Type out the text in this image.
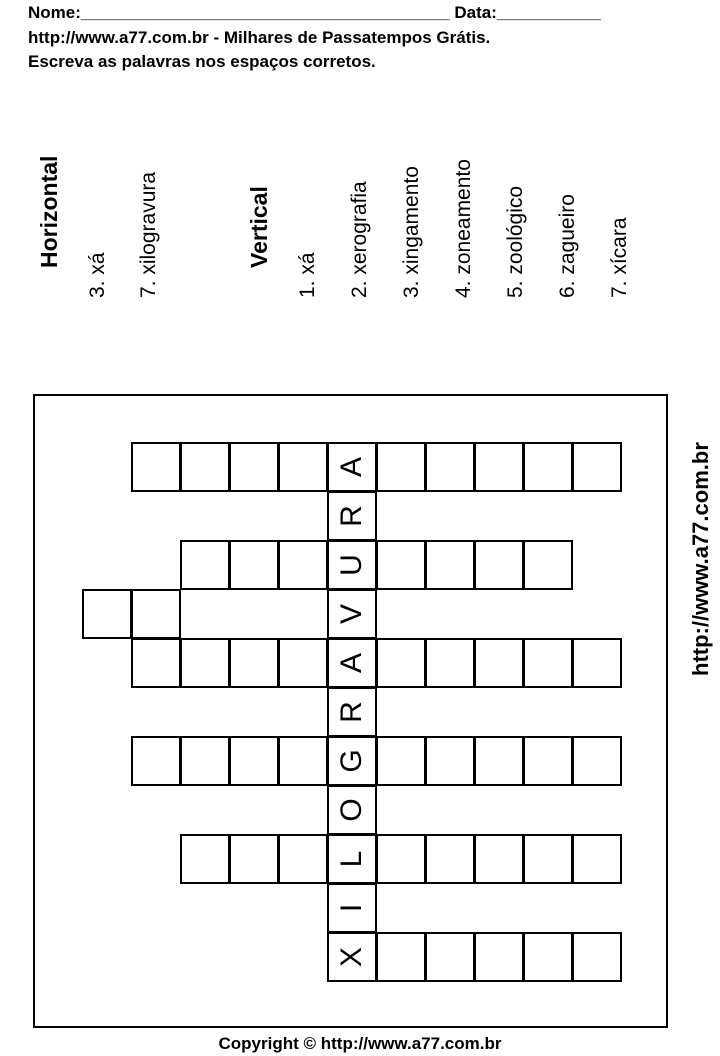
Nome:_______________________________________ Data:___________
http://www.a77.com.br - Milhares de Passatempos Grátis.
Escreva as palavras nos espaços corretos.
Horizontal
3. xá 7. xilogravura	Vertical
1. xá 2. xerografia 3. xingamento 4. zoneamento 5. zoológico 6. zagueiro 7. xícara
X
I
L
O
G
R
A
V
U
R
A	http://www.a77.com.br
Copyright © http://www.a77.com.br
